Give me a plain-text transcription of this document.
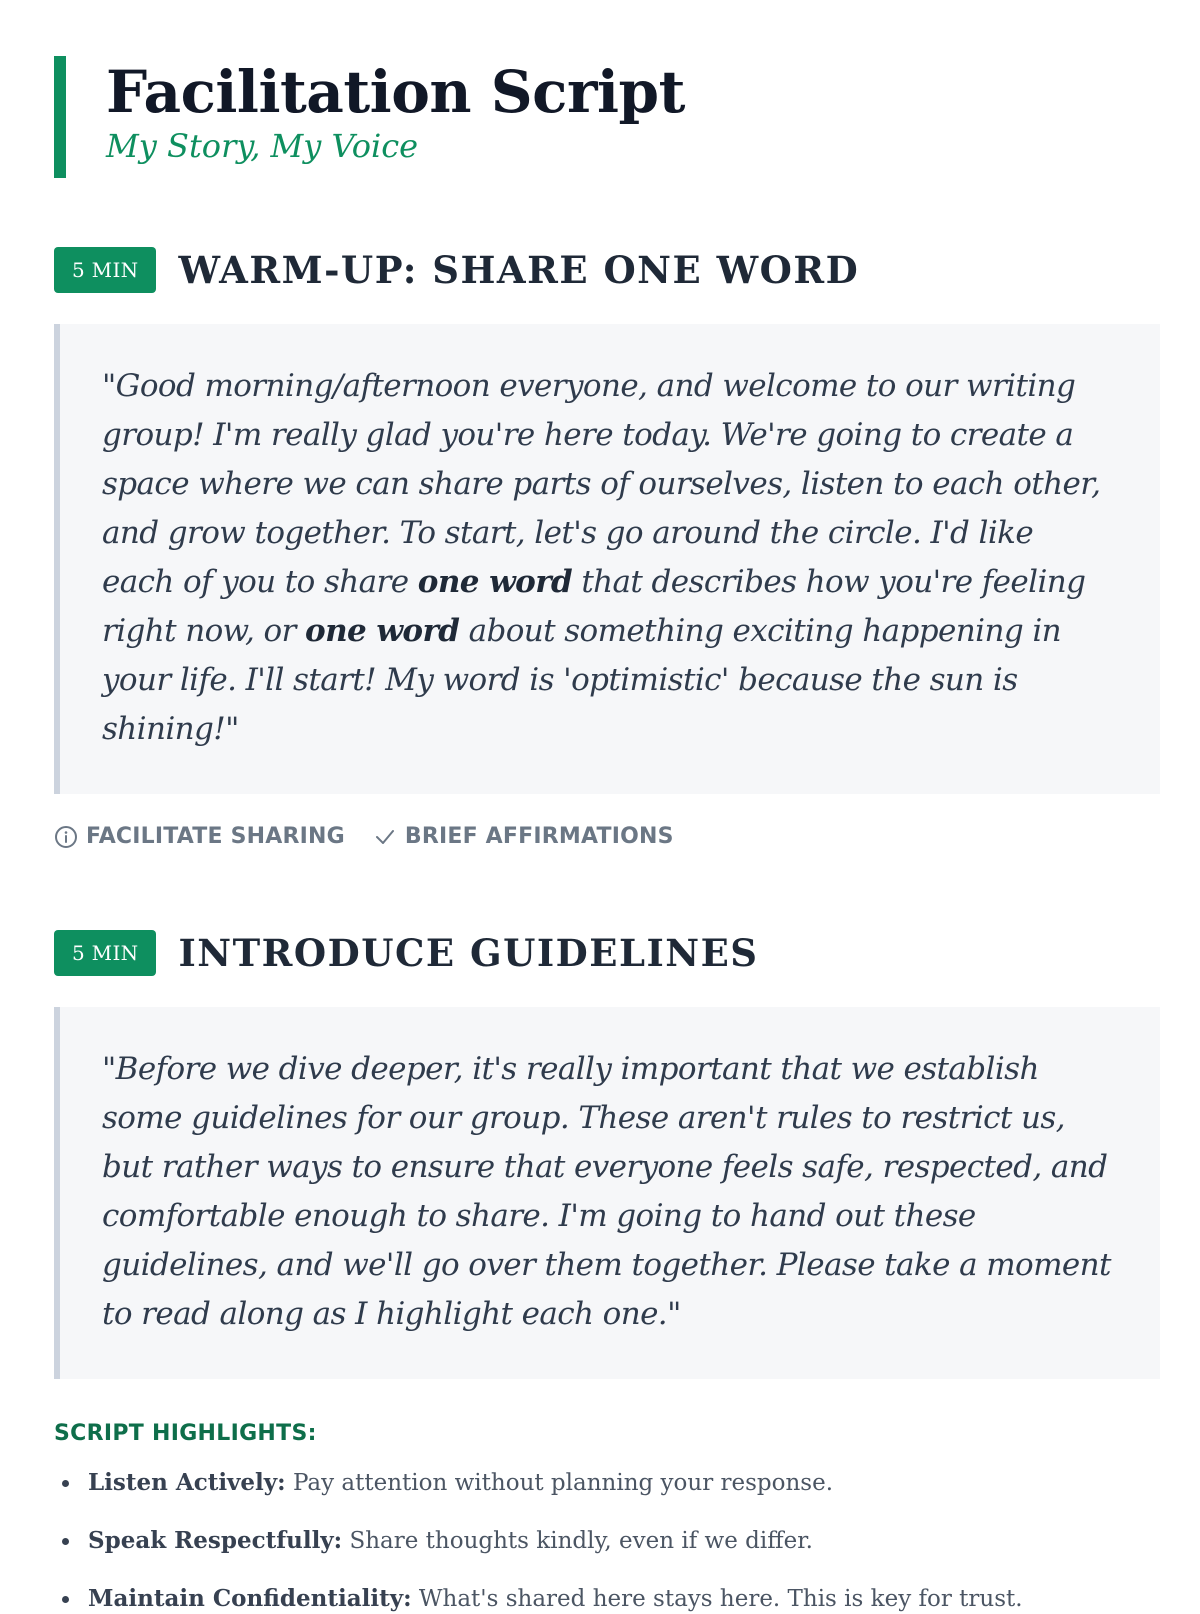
Facilitation Script
My Story, My Voice
5 MIN	WARM-UP: SHARE ONE WORD
"Good morning/afternoon everyone, and welcome to our writing group! I'm really glad you're here today. We're going to create a space where we can share parts of ourselves, listen to each other, and grow together. To start, let's go around the circle. I'd like each of you to share one word that describes how you're feeling right now, or one word about something exciting happening in your life. I'll start! My word is 'optimistic' because the sun is shining!"
FACILITATE SHARING	BRIEF AFFIRMATIONS
5 MIN	INTRODUCE GUIDELINES
"Before we dive deeper, it's really important that we establish some guidelines for our group. These aren't rules to restrict us, but rather ways to ensure that everyone feels safe, respected, and comfortable enough to share. I'm going to hand out these guidelines, and we'll go over them together. Please take a moment to read along as I highlight each one."
SCRIPT HIGHLIGHTS:
Listen Actively: Pay attention without planning your response.
Speak Respectfully: Share thoughts kindly, even if we differ.
Maintain Confidentiality: What's shared here stays here. This is key for trust.
